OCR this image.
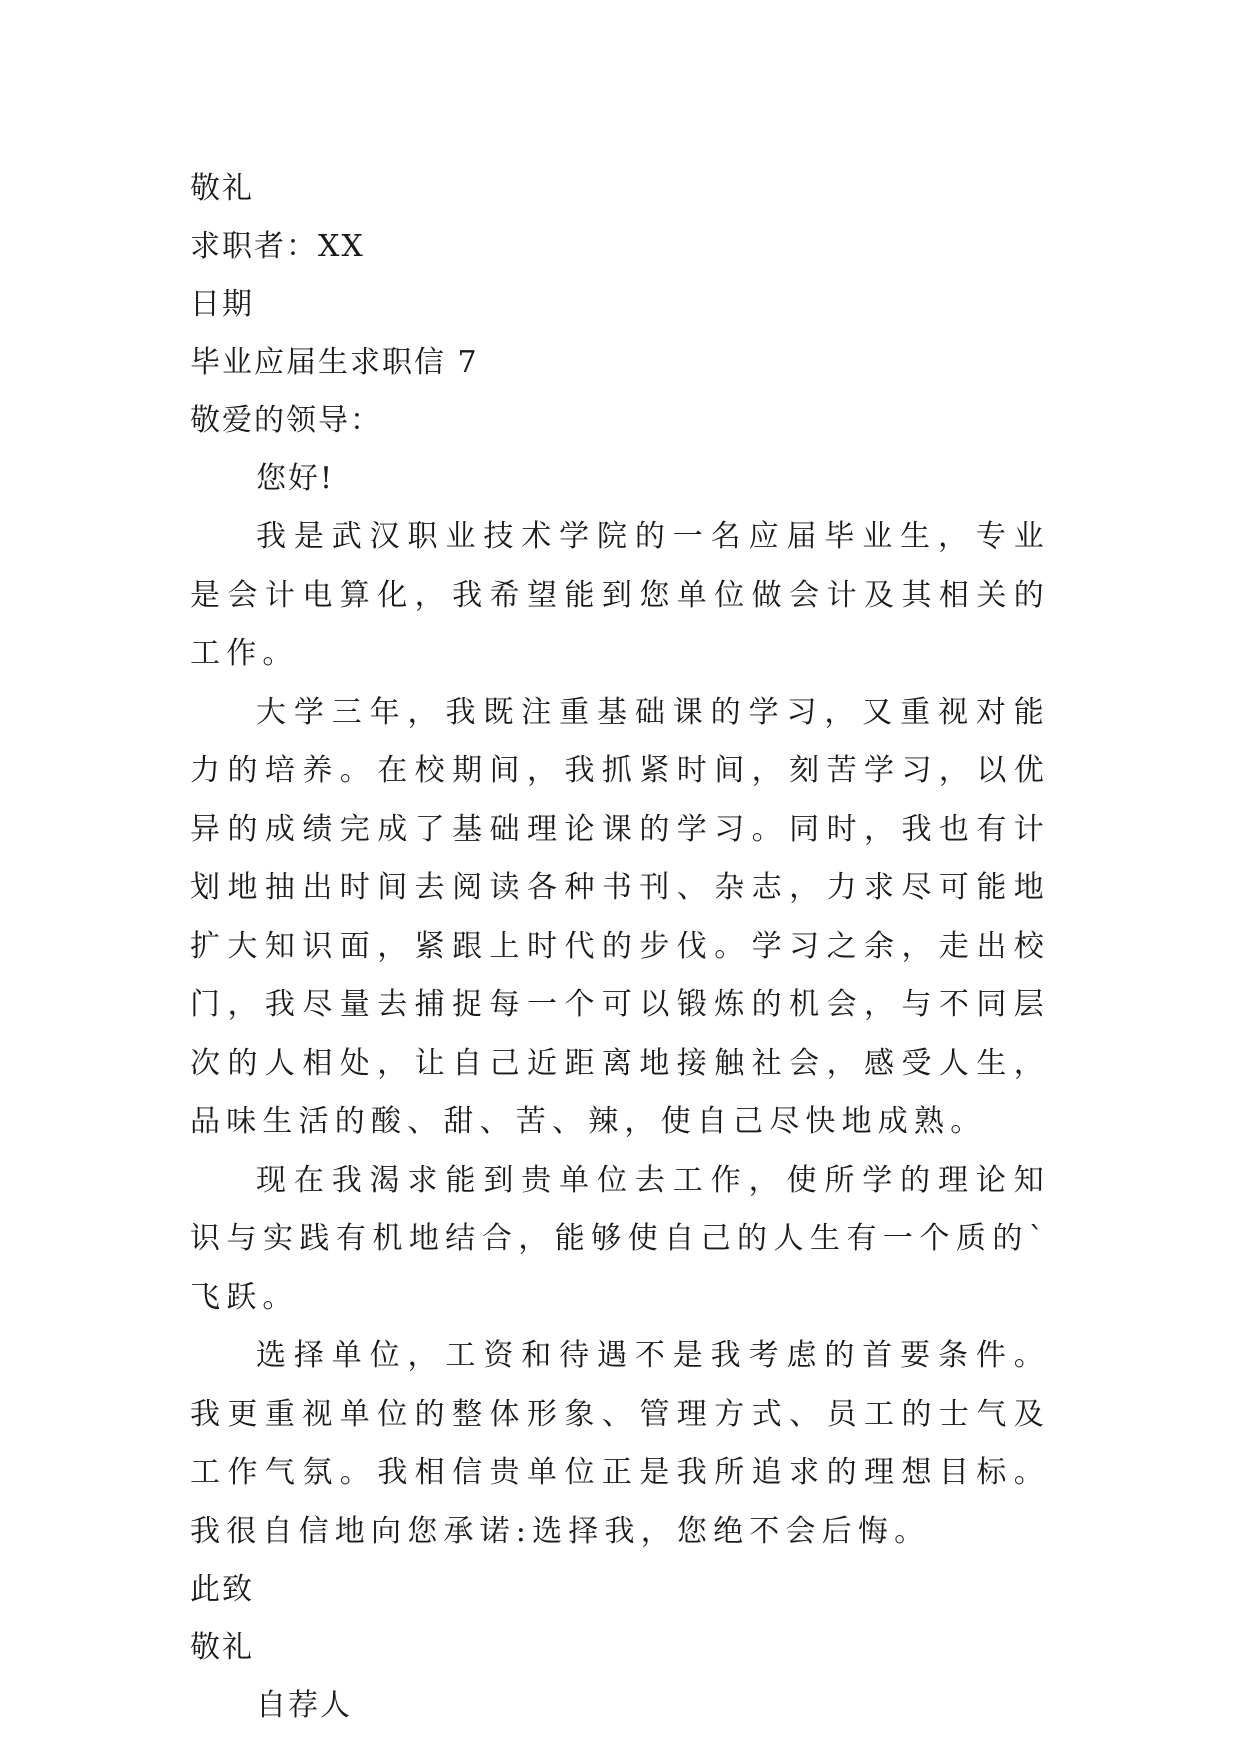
敬礼
求职者：XX
日期
毕业应届生求职信 7
敬爱的领导：
您好!

我是武汉职业技术学院的一名应届毕业生，专业是会计电算化，我希望能到您单位做会计及其相关的工作。

大学三年，我既注重基础课的学习，又重视对能力的培养。在校期间，我抓紧时间，刻苦学习，以优异的成绩完成了基础理论课的学习。同时，我也有计划地抽出时间去阅读各种书刊、杂志，力求尽可能地扩大知识面，紧跟上时代的步伐。学习之余，走出校门，我尽量去捕捉每一个可以锻炼的机会，与不同层次的人相处，让自己近距离地接触社会，感受人生，品味生活的酸、甜、苦、辣，使自己尽快地成熟。

现在我渴求能到贵单位去工作，使所学的理论知识与实践有机地结合，能够使自己的人生有一个质的`飞跃。

选择单位，工资和待遇不是我考虑的首要条件。我更重视单位的整体形象、管理方式、员工的士气及工作气氛。我相信贵单位正是我所追求的理想目标。我很自信地向您承诺:选择我，您绝不会后悔。

此致
敬礼
自荐人
